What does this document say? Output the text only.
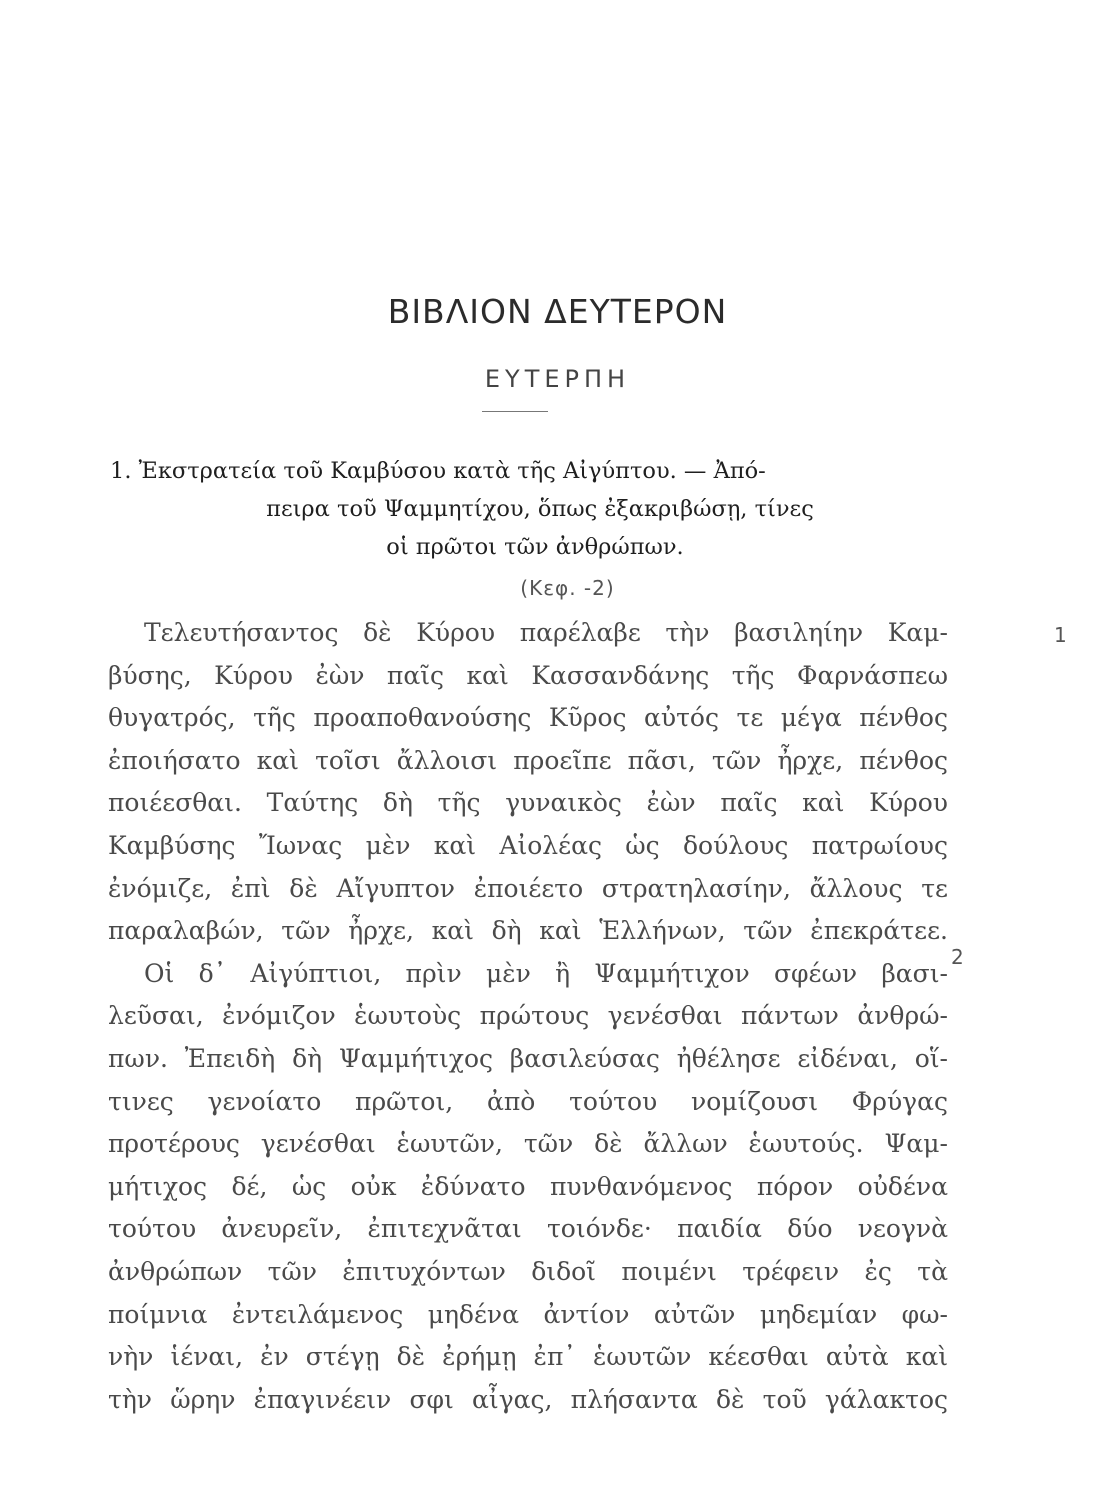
ΒΙΒΛΙΟΝ ΔΕΥΤΕΡΟΝ
ΕΥΤΕΡΠΗ
1. Ἐκστρατεία τοῦ Καμβύσου κατὰ τῆς Αἰγύπτου. — Ἀπό-
πειρα τοῦ Ψαμμητίχου, ὅπως ἐξακριβώσῃ, τίνες
οἱ πρῶτοι τῶν ἀνθρώπων.
(Κεφ. -2)
1
2
Τελευτήσαντος δὲ Κύρου παρέλαβε τὴν βασιληίην Καμ-
βύσης, Κύρου ἐὼν παῖς καὶ Κασσανδάνης τῆς Φαρνάσπεω
θυγατρός, τῆς προαποθανούσης Κῦρος αὐτός τε μέγα πένθος
ἐποιήσατο καὶ τοῖσι ἄλλοισι προεῖπε πᾶσι, τῶν ἦρχε, πένθος
ποιέεσθαι. Ταύτης δὴ τῆς γυναικὸς ἐὼν παῖς καὶ Κύρου
Καμβύσης Ἴωνας μὲν καὶ Αἰολέας ὡς δούλους πατρωίους
ἐνόμιζε, ἐπὶ δὲ Αἴγυπτον ἐποιέετο στρατηλασίην, ἄλλους τε
παραλαβών, τῶν ἦρχε, καὶ δὴ καὶ Ἑλλήνων, τῶν ἐπεκράτεε.
Οἱ δ᾽ Αἰγύπτιοι, πρὶν μὲν ἢ Ψαμμήτιχον σφέων βασι-
λεῦσαι, ἐνόμιζον ἑωυτοὺς πρώτους γενέσθαι πάντων ἀνθρώ-
πων. Ἐπειδὴ δὴ Ψαμμήτιχος βασιλεύσας ἠθέλησε εἰδέναι, οἵ-
τινες γενοίατο πρῶτοι, ἀπὸ τούτου νομίζουσι Φρύγας
προτέρους γενέσθαι ἑωυτῶν, τῶν δὲ ἄλλων ἑωυτούς. Ψαμ-
μήτιχος δέ, ὡς οὐκ ἐδύνατο πυνθανόμενος πόρον οὐδένα
τούτου ἀνευρεῖν, ἐπιτεχνᾶται τοιόνδε· παιδία δύο νεογνὰ
ἀνθρώπων τῶν ἐπιτυχόντων διδοῖ ποιμένι τρέφειν ἐς τὰ
ποίμνια ἐντειλάμενος μηδένα ἀντίον αὐτῶν μηδεμίαν φω-
νὴν ἱέναι, ἐν στέγῃ δὲ ἐρήμῃ ἐπ᾽ ἑωυτῶν κέεσθαι αὐτὰ καὶ
τὴν ὥρην ἐπαγινέειν σφι αἶγας, πλήσαντα δὲ τοῦ γάλακτος
